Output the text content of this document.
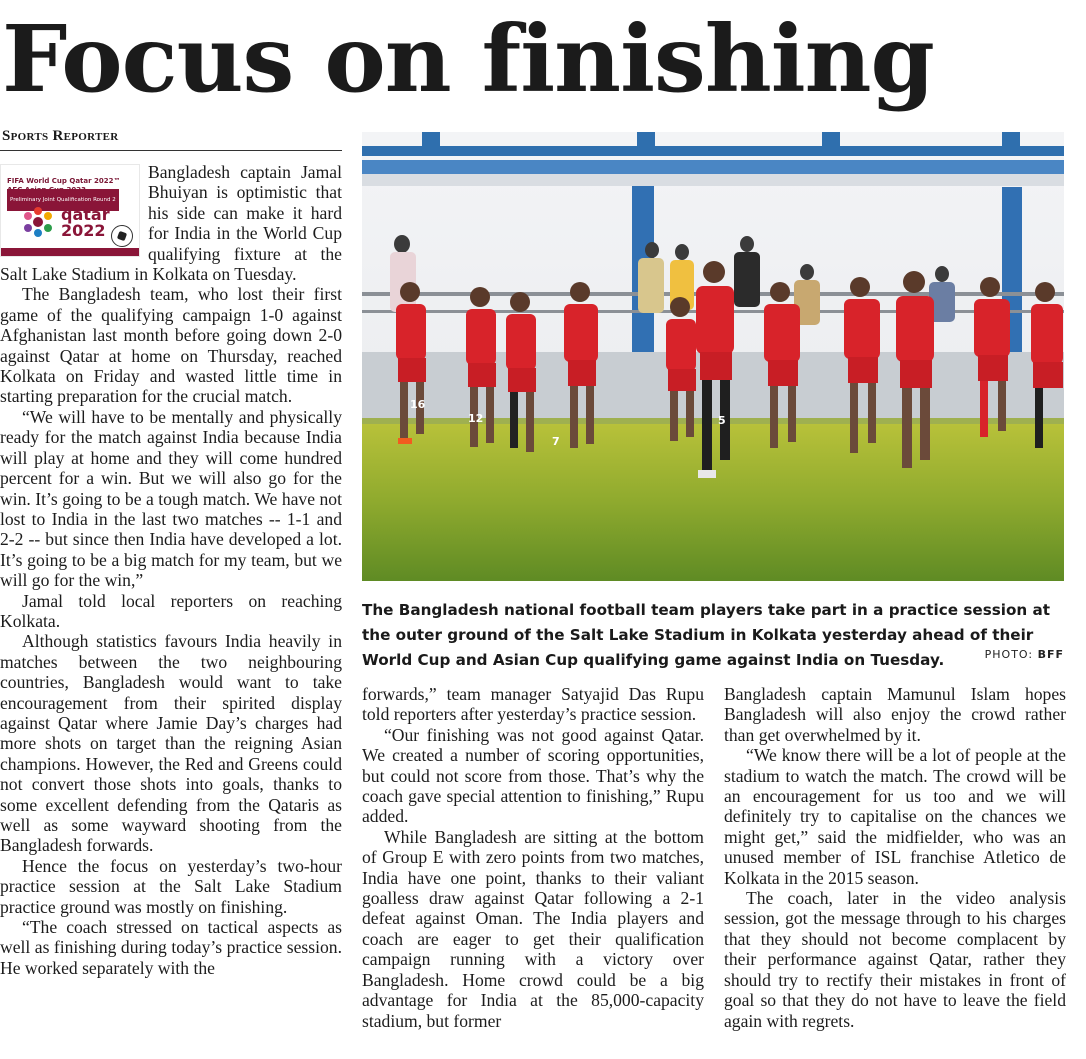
Focus on finishing
Sports Reporter
FIFA World Cup Qatar 2022™
Preliminary Joint Qualification Round 2
qatar
2022

Bangladesh captain Jamal Bhuiyan is optimistic that his side can make it hard for India in the World Cup qualifying fixture at the Salt Lake Stadium in Kolkata on Tuesday.

The Bangladesh team, who lost their first game of the qualifying campaign 1-0 against Afghanistan last month before going down 2-0 against Qatar at home on Thursday, reached Kolkata on Friday and wasted little time in starting preparation for the crucial match.

“We will have to be mentally and physically ready for the match against India because India will play at home and they will come hundred percent for a win. But we will also go for the win. It’s going to be a tough match. We have not lost to India in the last two matches -- 1-1 and 2-2 -- but since then India have developed a lot. It’s going to be a big match for my team, but we will go for the win,”

Jamal told local reporters on reaching Kolkata.

Although statistics favours India heavily in matches between the two neighbouring countries, Bangladesh would want to take encouragement from their spirited display against Qatar where Jamie Day’s charges had more shots on target than the reigning Asian champions. However, the Red and Greens could not convert those shots into goals, thanks to some excellent defending from the Qataris as well as some wayward shooting from the Bangladesh forwards.

Hence the focus on yesterday’s two-hour practice session at the Salt Lake Stadium practice ground was mostly on finishing.

“The coach stressed on tactical aspects as well as finishing during today’s practice session. He worked separately with the

16
12
7
5
The Bangladesh national football team players take part in a practice session at the outer ground of the Salt Lake Stadium in Kolkata yesterday ahead of their World Cup and Asian Cup qualifying game against India on Tuesday.	PHOTO: BFF

forwards,” team manager Satyajid Das Rupu told reporters after yesterday’s practice session.

“Our finishing was not good against Qatar. We created a number of scoring opportunities, but could not score from those. That’s why the coach gave special attention to finishing,” Rupu added.

While Bangladesh are sitting at the bottom of Group E with zero points from two matches, India have one point, thanks to their valiant goalless draw against Qatar following a 2-1 defeat against Oman. The India players and coach are eager to get their qualification campaign running with a victory over Bangladesh. Home crowd could be a big advantage for India at the 85,000-capacity stadium, but former

Bangladesh captain Mamunul Islam hopes Bangladesh will also enjoy the crowd rather than get overwhelmed by it.

“We know there will be a lot of people at the stadium to watch the match. The crowd will be an encouragement for us too and we will definitely try to capitalise on the chances we might get,” said the midfielder, who was an unused member of ISL franchise Atletico de Kolkata in the 2015 season.

The coach, later in the video analysis session, got the message through to his charges that they should not become complacent by their performance against Qatar, rather they should try to rectify their mistakes in front of goal so that they do not have to leave the field again with regrets.
